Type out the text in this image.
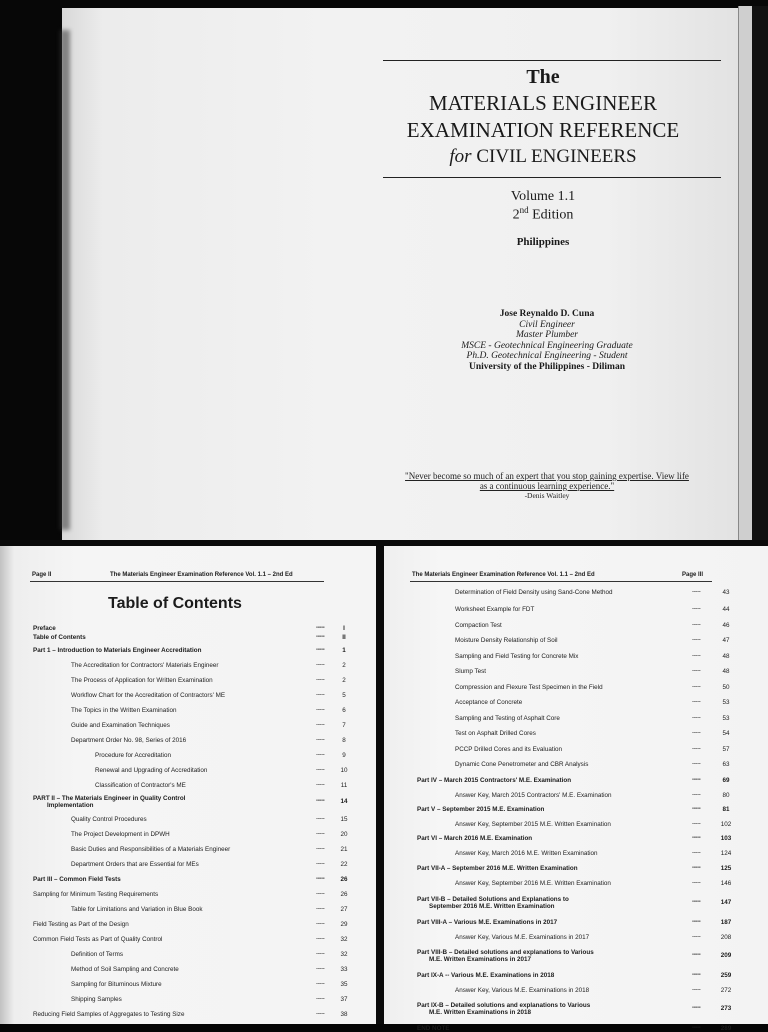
The
MATERIALS ENGINEER
EXAMINATION REFERENCE
for CIVIL ENGINEERS
Volume 1.1
2nd Edition
Philippines
Jose Reynaldo D. Cuna
Civil Engineer
Master Plumber
MSCE - Geotechnical Engineering Graduate
Ph.D. Geotechnical Engineering - Student
University of the Philippines - Diliman
"Never become so much of an expert that you stop gaining expertise. View life
as a continuous learning experience."
-Denis Waitley
Page II	The Materials Engineer Examination Reference Vol. 1.1 – 2nd Ed
Table of Contents
Preface	-----	I
Table of Contents	-----	II
Part 1 – Introduction to Materials Engineer Accreditation	-----	1
The Accreditation for Contractors' Materials Engineer	-----	2
The Process of Application for Written Examination	-----	2
Workflow Chart for the Accreditation of Contractors' ME	-----	5
The Topics in the Written Examination	-----	6
Guide and Examination Techniques	-----	7
Department Order No. 98, Series of 2016	-----	8
Procedure for Accreditation	-----	9
Renewal and Upgrading of Accreditation	-----	10
Classification of Contractor's ME	-----	11
PART II – The Materials Engineer in Quality Control
Implementation
-----	14
Quality Control Procedures	-----	15
The Project Development in DPWH	-----	20
Basic Duties and Responsibilities of a Materials Engineer	-----	21
Department Orders that are Essential for MEs	-----	22
Part III – Common Field Tests	-----	26
Sampling for Minimum Testing Requirements	-----	26
Table for Limitations and Variation in Blue Book	-----	27
Field Testing as Part of the Design	-----	29
Common Field Tests as Part of Quality Control	-----	32
Definition of Terms	-----	32
Method of Soil Sampling and Concrete	-----	33
Sampling for Bituminous Mixture	-----	35
Shipping Samples	-----	37
Reducing Field Samples of Aggregates to Testing Size	-----	38
The Materials Engineer Examination Reference Vol. 1.1 – 2nd Ed	Page III
Determination of Field Density using Sand-Cone Method	-----	43
Worksheet Example for FDT	-----	44
Compaction Test	-----	46
Moisture Density Relationship of Soil	-----	47
Sampling and Field Testing for Concrete Mix	-----	48
Slump Test	-----	48
Compression and Flexure Test Specimen in the Field	-----	50
Acceptance of Concrete	-----	53
Sampling and Testing of Asphalt Core	-----	53
Test on Asphalt Drilled Cores	-----	54
PCCP Drilled Cores and its Evaluation	-----	57
Dynamic Cone Penetrometer and CBR Analysis	-----	63
Part IV – March 2015 Contractors' M.E. Examination	-----	69
Answer Key, March 2015 Contractors' M.E. Examination	-----	80
Part V – September 2015 M.E. Examination	-----	81
Answer Key, September 2015 M.E. Written Examination	-----	102
Part VI – March 2016 M.E. Examination	-----	103
Answer Key, March 2016 M.E. Written Examination	-----	124
Part VII-A – September 2016 M.E. Written Examination	-----	125
Answer Key, September 2016 M.E. Written Examination	-----	146
Part VII-B – Detailed Solutions and Explanations to
September 2016 M.E. Written Examination
-----	147
Part VIII-A – Various M.E. Examinations in 2017	-----	187
Answer Key, Various M.E. Examinations in 2017	-----	208
Part VIII-B – Detailed solutions and explanations to Various
M.E. Written Examinations in 2017
-----	209
Part IX-A -- Various M.E. Examinations in 2018	-----	259
Answer Key, Various M.E. Examinations in 2018	-----	272
Part IX-B – Detailed solutions and explanations to Various
M.E. Written Examinations in 2018
-----	273
END NOTE	-----	289
